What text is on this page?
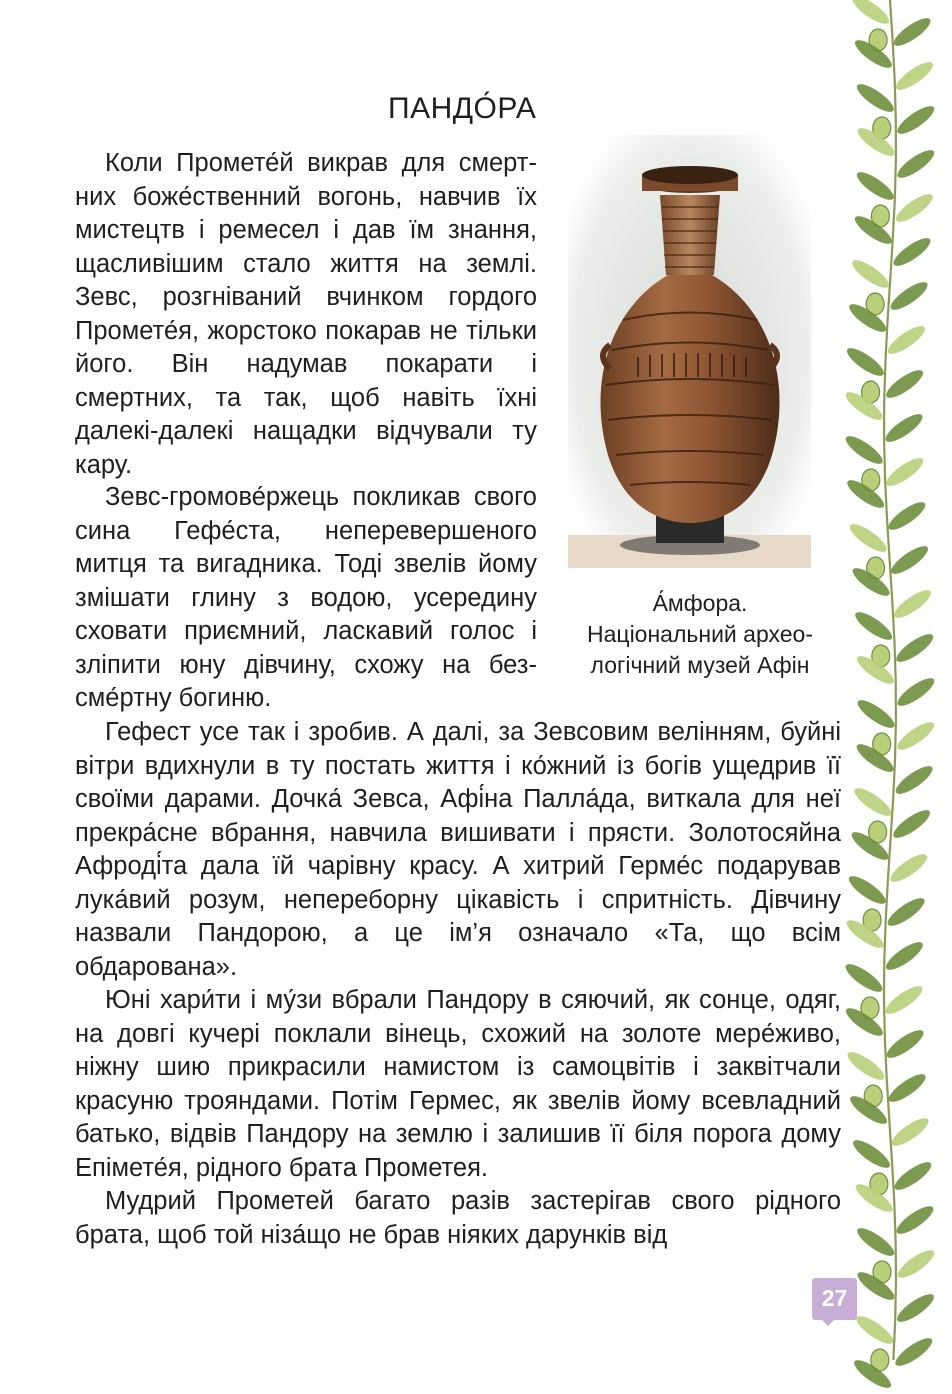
ПАНДО́РА

Коли Промете́й викрав для смертних боже́ственний вогонь, навчив їх мистецтв і ремесел і дав їм знання, щасливішим стало життя на землі. Зевс, розгніваний вчинком гордого Промете́я, жорстоко покарав не тільки його. Він надумав покарати і смертних, та так, щоб навіть їхні далекі-далекі нащадки відчували ту кару.

Зевс-громове́ржець покликав свого сина Гефе́ста, неперевершеного митця та вигадника. Тоді звелів йому змішати глину з водою, усередину сховати приємний, ласкавий голос і зліпити юну дівчину, схожу на безсме́ртну богиню.

Гефест усе так і зробив. А далі, за Зевсовим велінням, буйні вітри вдихнули в ту постать життя і ко́жний із богів ущедрив її своїми дарами. Дочка́ Зевса, Афі́на Палла́да, виткала для неї прекра́сне вбрання, навчила вишивати і прясти. Золотосяйна Афроді́та дала їй чарівну красу. А хитрий Герме́с подарував лука́вий розум, непереборну цікавість і спритність. Дівчину назвали Пандорою, а це ім’я означало «Та, що всім обдарована».

Юні хари́ти і му́зи вбрали Пандору в сяючий, як сонце, одяг, на довгі кучері поклали вінець, схожий на золоте мере́живо, ніжну шию прикрасили намистом із самоцвітів і заквітчали красуню трояндами. Потім Гермес, як звелів йому всевладний батько, відвів Пандору на землю і залишив її біля порога дому Епімете́я, рідного брата Прометея.

Мудрий Прометей багато разів застерігав свого рідного брата, щоб той ніза́що не брав ніяких дарунків від

А́мфора.
Національний археологічний музей Афін
27
